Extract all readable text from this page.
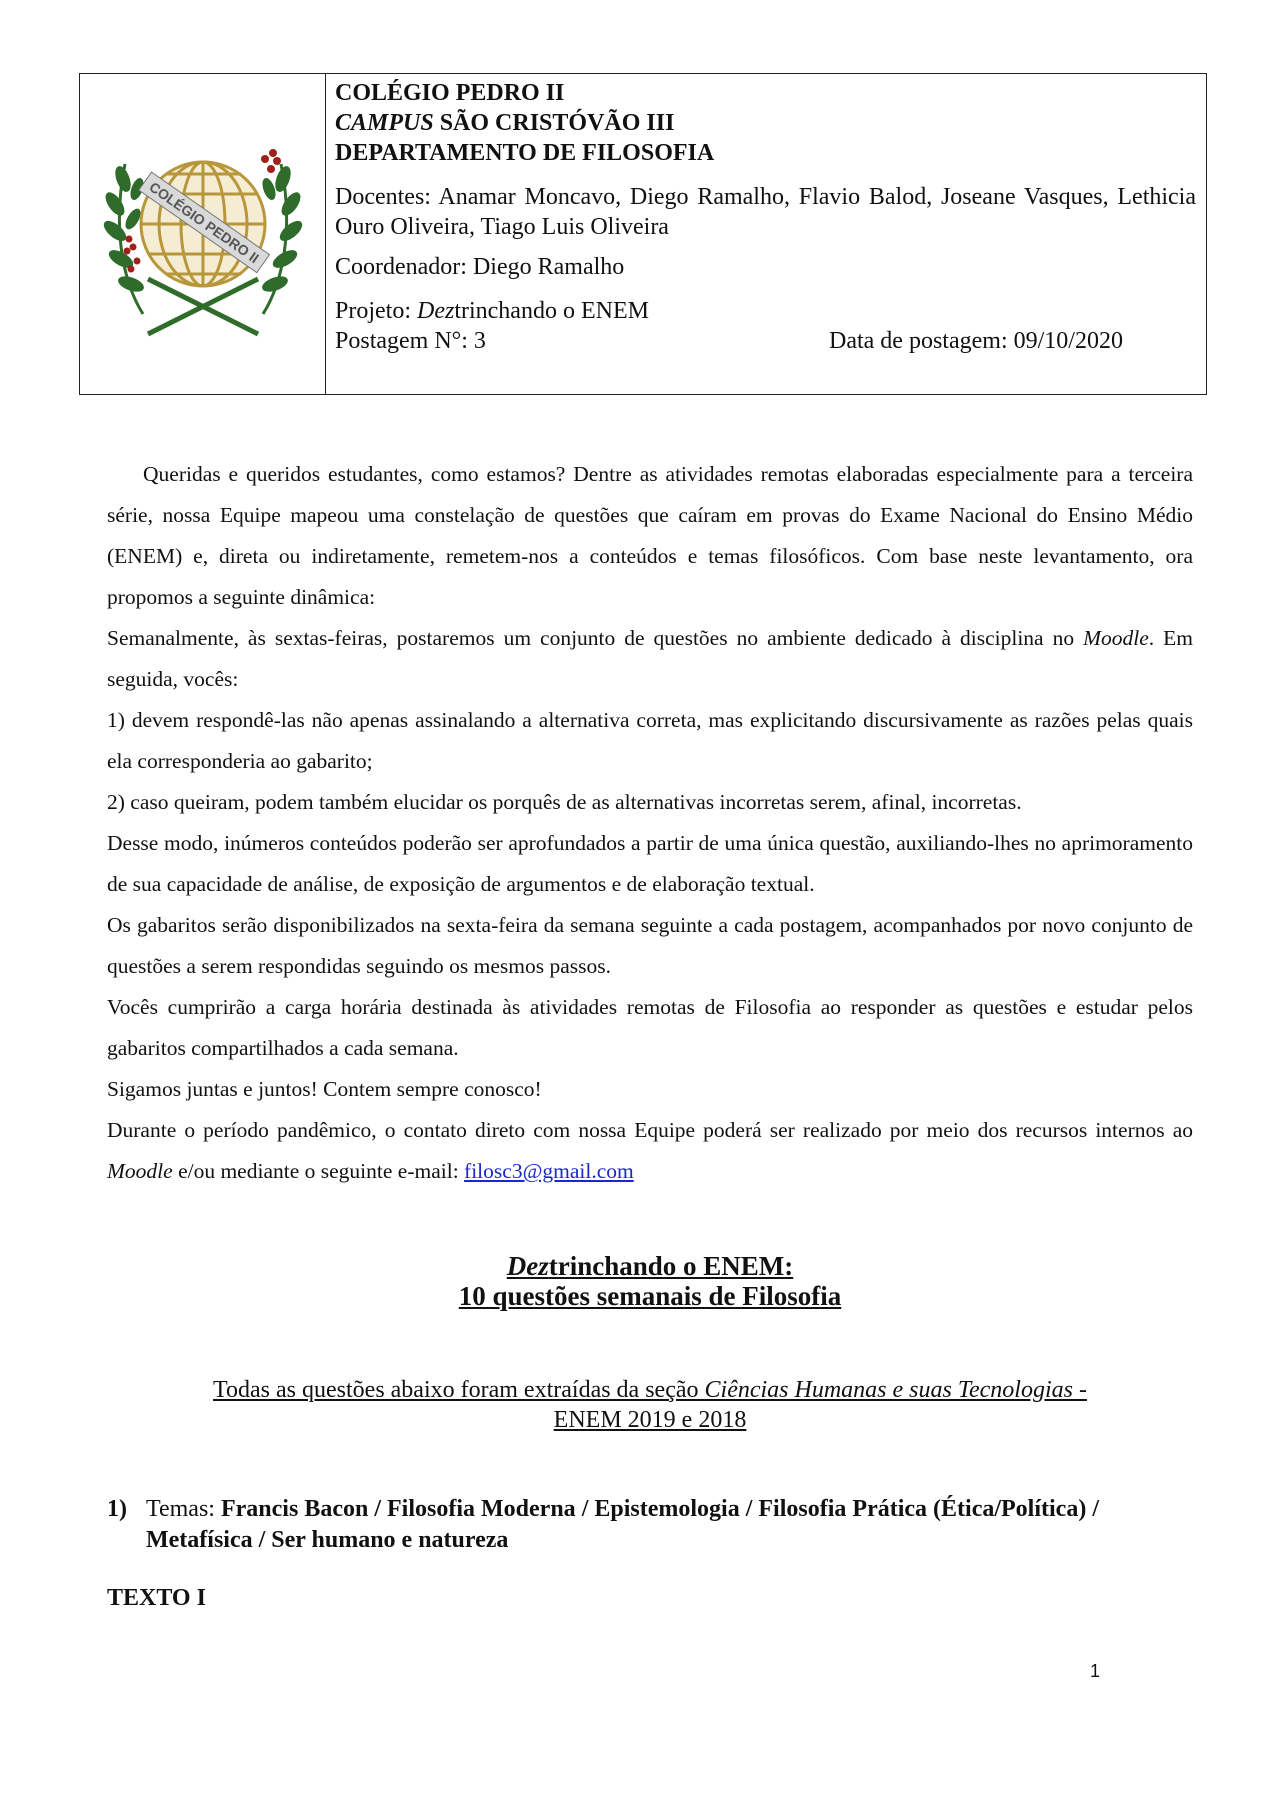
COLÉGIO PEDRO II
COLÉGIO PEDRO II
CAMPUS SÃO CRISTÓVÃO III
DEPARTAMENTO DE FILOSOFIA
Docentes: Anamar Moncavo, Diego Ramalho, Flavio Balod, Joseane Vasques, Lethicia Ouro Oliveira, Tiago Luis Oliveira
Coordenador: Diego Ramalho
Projeto: Deztrinchando o ENEM
Postagem N°: 3	Data de postagem: 09/10/2020

Queridas e queridos estudantes, como estamos? Dentre as atividades remotas elaboradas especialmente para a terceira série, nossa Equipe mapeou uma constelação de questões que caíram em provas do Exame Nacional do Ensino Médio (ENEM) e, direta ou indiretamente, remetem-nos a conteúdos e temas filosóficos. Com base neste levantamento, ora propomos a seguinte dinâmica:

Semanalmente, às sextas-feiras, postaremos um conjunto de questões no ambiente dedicado à disciplina no Moodle. Em seguida, vocês:

1) devem respondê-las não apenas assinalando a alternativa correta, mas explicitando discursivamente as razões pelas quais ela corresponderia ao gabarito;

2) caso queiram, podem também elucidar os porquês de as alternativas incorretas serem, afinal, incorretas.

Desse modo, inúmeros conteúdos poderão ser aprofundados a partir de uma única questão, auxiliando-lhes no aprimoramento de sua capacidade de análise, de exposição de argumentos e de elaboração textual.

Os gabaritos serão disponibilizados na sexta-feira da semana seguinte a cada postagem, acompanhados por novo conjunto de questões a serem respondidas seguindo os mesmos passos.

Vocês cumprirão a carga horária destinada às atividades remotas de Filosofia ao responder as questões e estudar pelos gabaritos compartilhados a cada semana.

Sigamos juntas e juntos! Contem sempre conosco!

Durante o período pandêmico, o contato direto com nossa Equipe poderá ser realizado por meio dos recursos internos ao Moodle e/ou mediante o seguinte e-mail: filosc3@gmail.com

Deztrinchando o ENEM:
10 questões semanais de Filosofia
Todas as questões abaixo foram extraídas da seção Ciências Humanas e suas Tecnologias -
ENEM 2019 e 2018
1) Temas: Francis Bacon / Filosofia Moderna / Epistemologia / Filosofia Prática (Ética/Política) / Metafísica / Ser humano e natureza
TEXTO I
1
